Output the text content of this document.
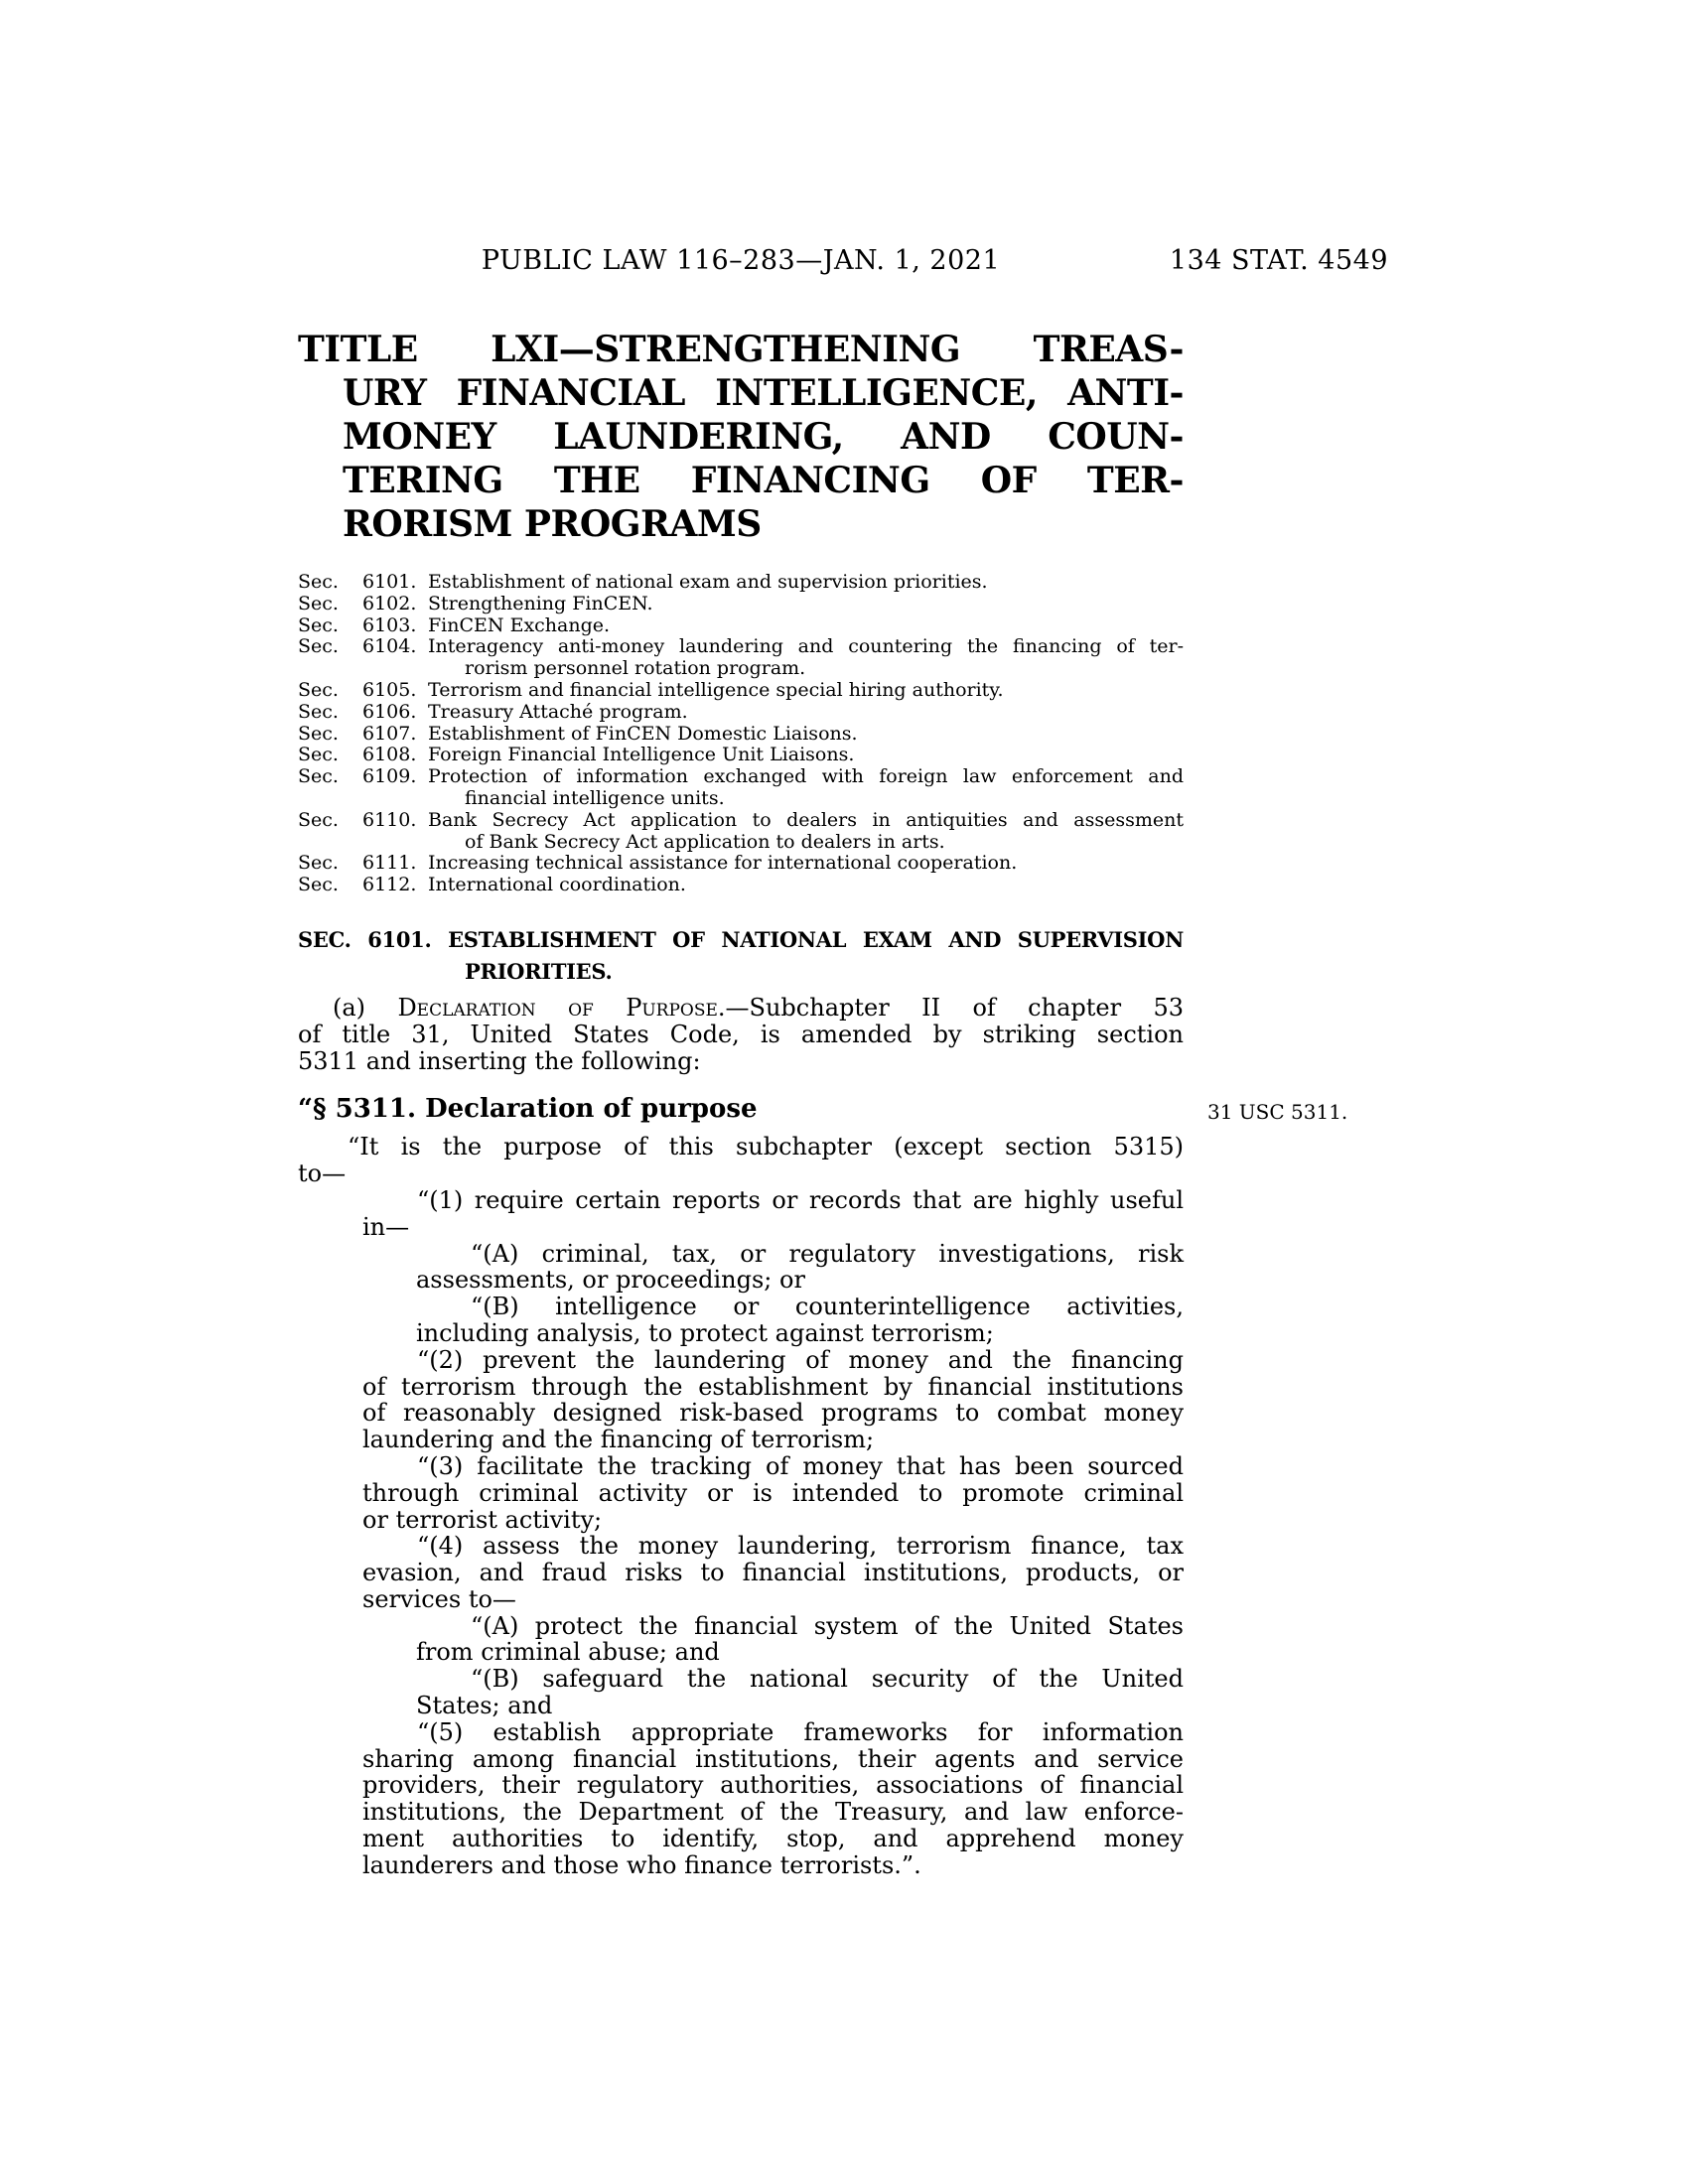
PUBLIC LAW 116–283—JAN. 1, 2021	134 STAT. 4549
TITLE LXI—STRENGTHENING TREAS-
URY FINANCIAL INTELLIGENCE, ANTI-
MONEY LAUNDERING, AND COUN-
TERING THE FINANCING OF TER-
RORISM PROGRAMS
Sec.	6101. Establishment of national exam and supervision priorities.
Sec.	6102. Strengthening FinCEN.
Sec.	6103. FinCEN Exchange.
Sec.	6104. Interagency anti-money laundering and countering the financing of ter-
rorism personnel rotation program.
Sec.	6105. Terrorism and financial intelligence special hiring authority.
Sec.	6106. Treasury Attaché program.
Sec.	6107. Establishment of FinCEN Domestic Liaisons.
Sec.	6108. Foreign Financial Intelligence Unit Liaisons.
Sec.	6109. Protection of information exchanged with foreign law enforcement and
financial intelligence units.
Sec.	6110. Bank Secrecy Act application to dealers in antiquities and assessment
of Bank Secrecy Act application to dealers in arts.
Sec.	6111. Increasing technical assistance for international cooperation.
Sec.	6112. International coordination.
SEC. 6101. ESTABLISHMENT OF NATIONAL EXAM AND SUPERVISION
PRIORITIES.
(a) Declaration of Purpose.—Subchapter II of chapter 53
of title 31, United States Code, is amended by striking section
5311 and inserting the following:
“§ 5311. Declaration of purpose	31 USC 5311.
“It is the purpose of this subchapter (except section 5315)
to—
“(1) require certain reports or records that are highly useful
in—
“(A) criminal, tax, or regulatory investigations, risk
assessments, or proceedings; or
“(B) intelligence or counterintelligence activities,
including analysis, to protect against terrorism;
“(2) prevent the laundering of money and the financing
of terrorism through the establishment by financial institutions
of reasonably designed risk-based programs to combat money
laundering and the financing of terrorism;
“(3) facilitate the tracking of money that has been sourced
through criminal activity or is intended to promote criminal
or terrorist activity;
“(4) assess the money laundering, terrorism finance, tax
evasion, and fraud risks to financial institutions, products, or
services to—
“(A) protect the financial system of the United States
from criminal abuse; and
“(B) safeguard the national security of the United
States; and
“(5) establish appropriate frameworks for information
sharing among financial institutions, their agents and service
providers, their regulatory authorities, associations of financial
institutions, the Department of the Treasury, and law enforce-
ment authorities to identify, stop, and apprehend money
launderers and those who finance terrorists.”.
